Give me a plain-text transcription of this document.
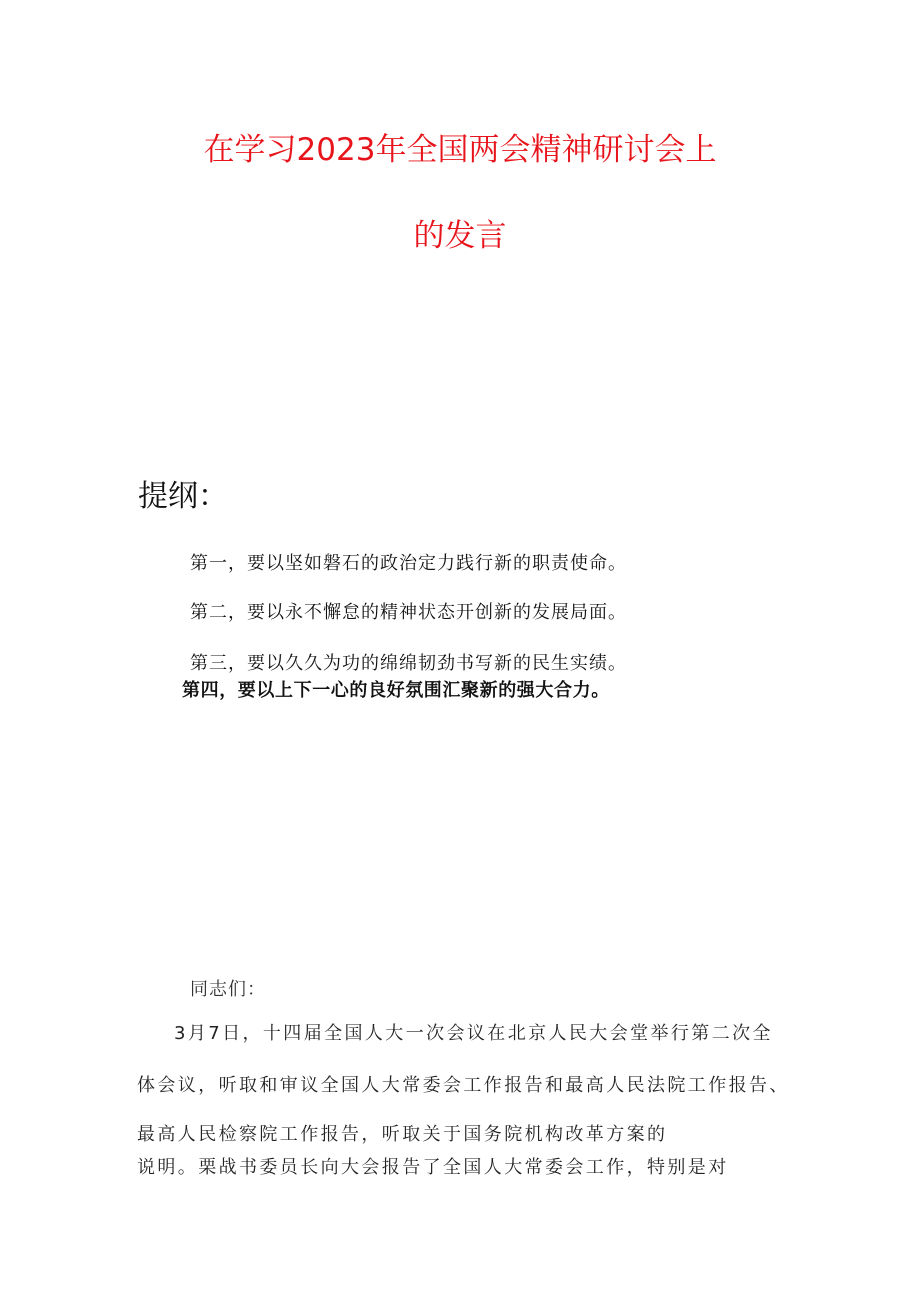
在学习2023年全国两会精神研讨会上
的发言
提纲：
第一，要以坚如磐石的政治定力践行新的职责使命。
第二，要以永不懈怠的精神状态开创新的发展局面。
第三，要以久久为功的绵绵韧劲书写新的民生实绩。
第四，要以上下一心的良好氛围汇聚新的强大合力。
同志们：
3月7日，十四届全国人大一次会议在北京人民大会堂举行第二次全
体会议，听取和审议全国人大常委会工作报告和最高人民法院工作报告、
最高人民检察院工作报告，听取关于国务院机构改革方案的
说明。栗战书委员长向大会报告了全国人大常委会工作，特别是对
